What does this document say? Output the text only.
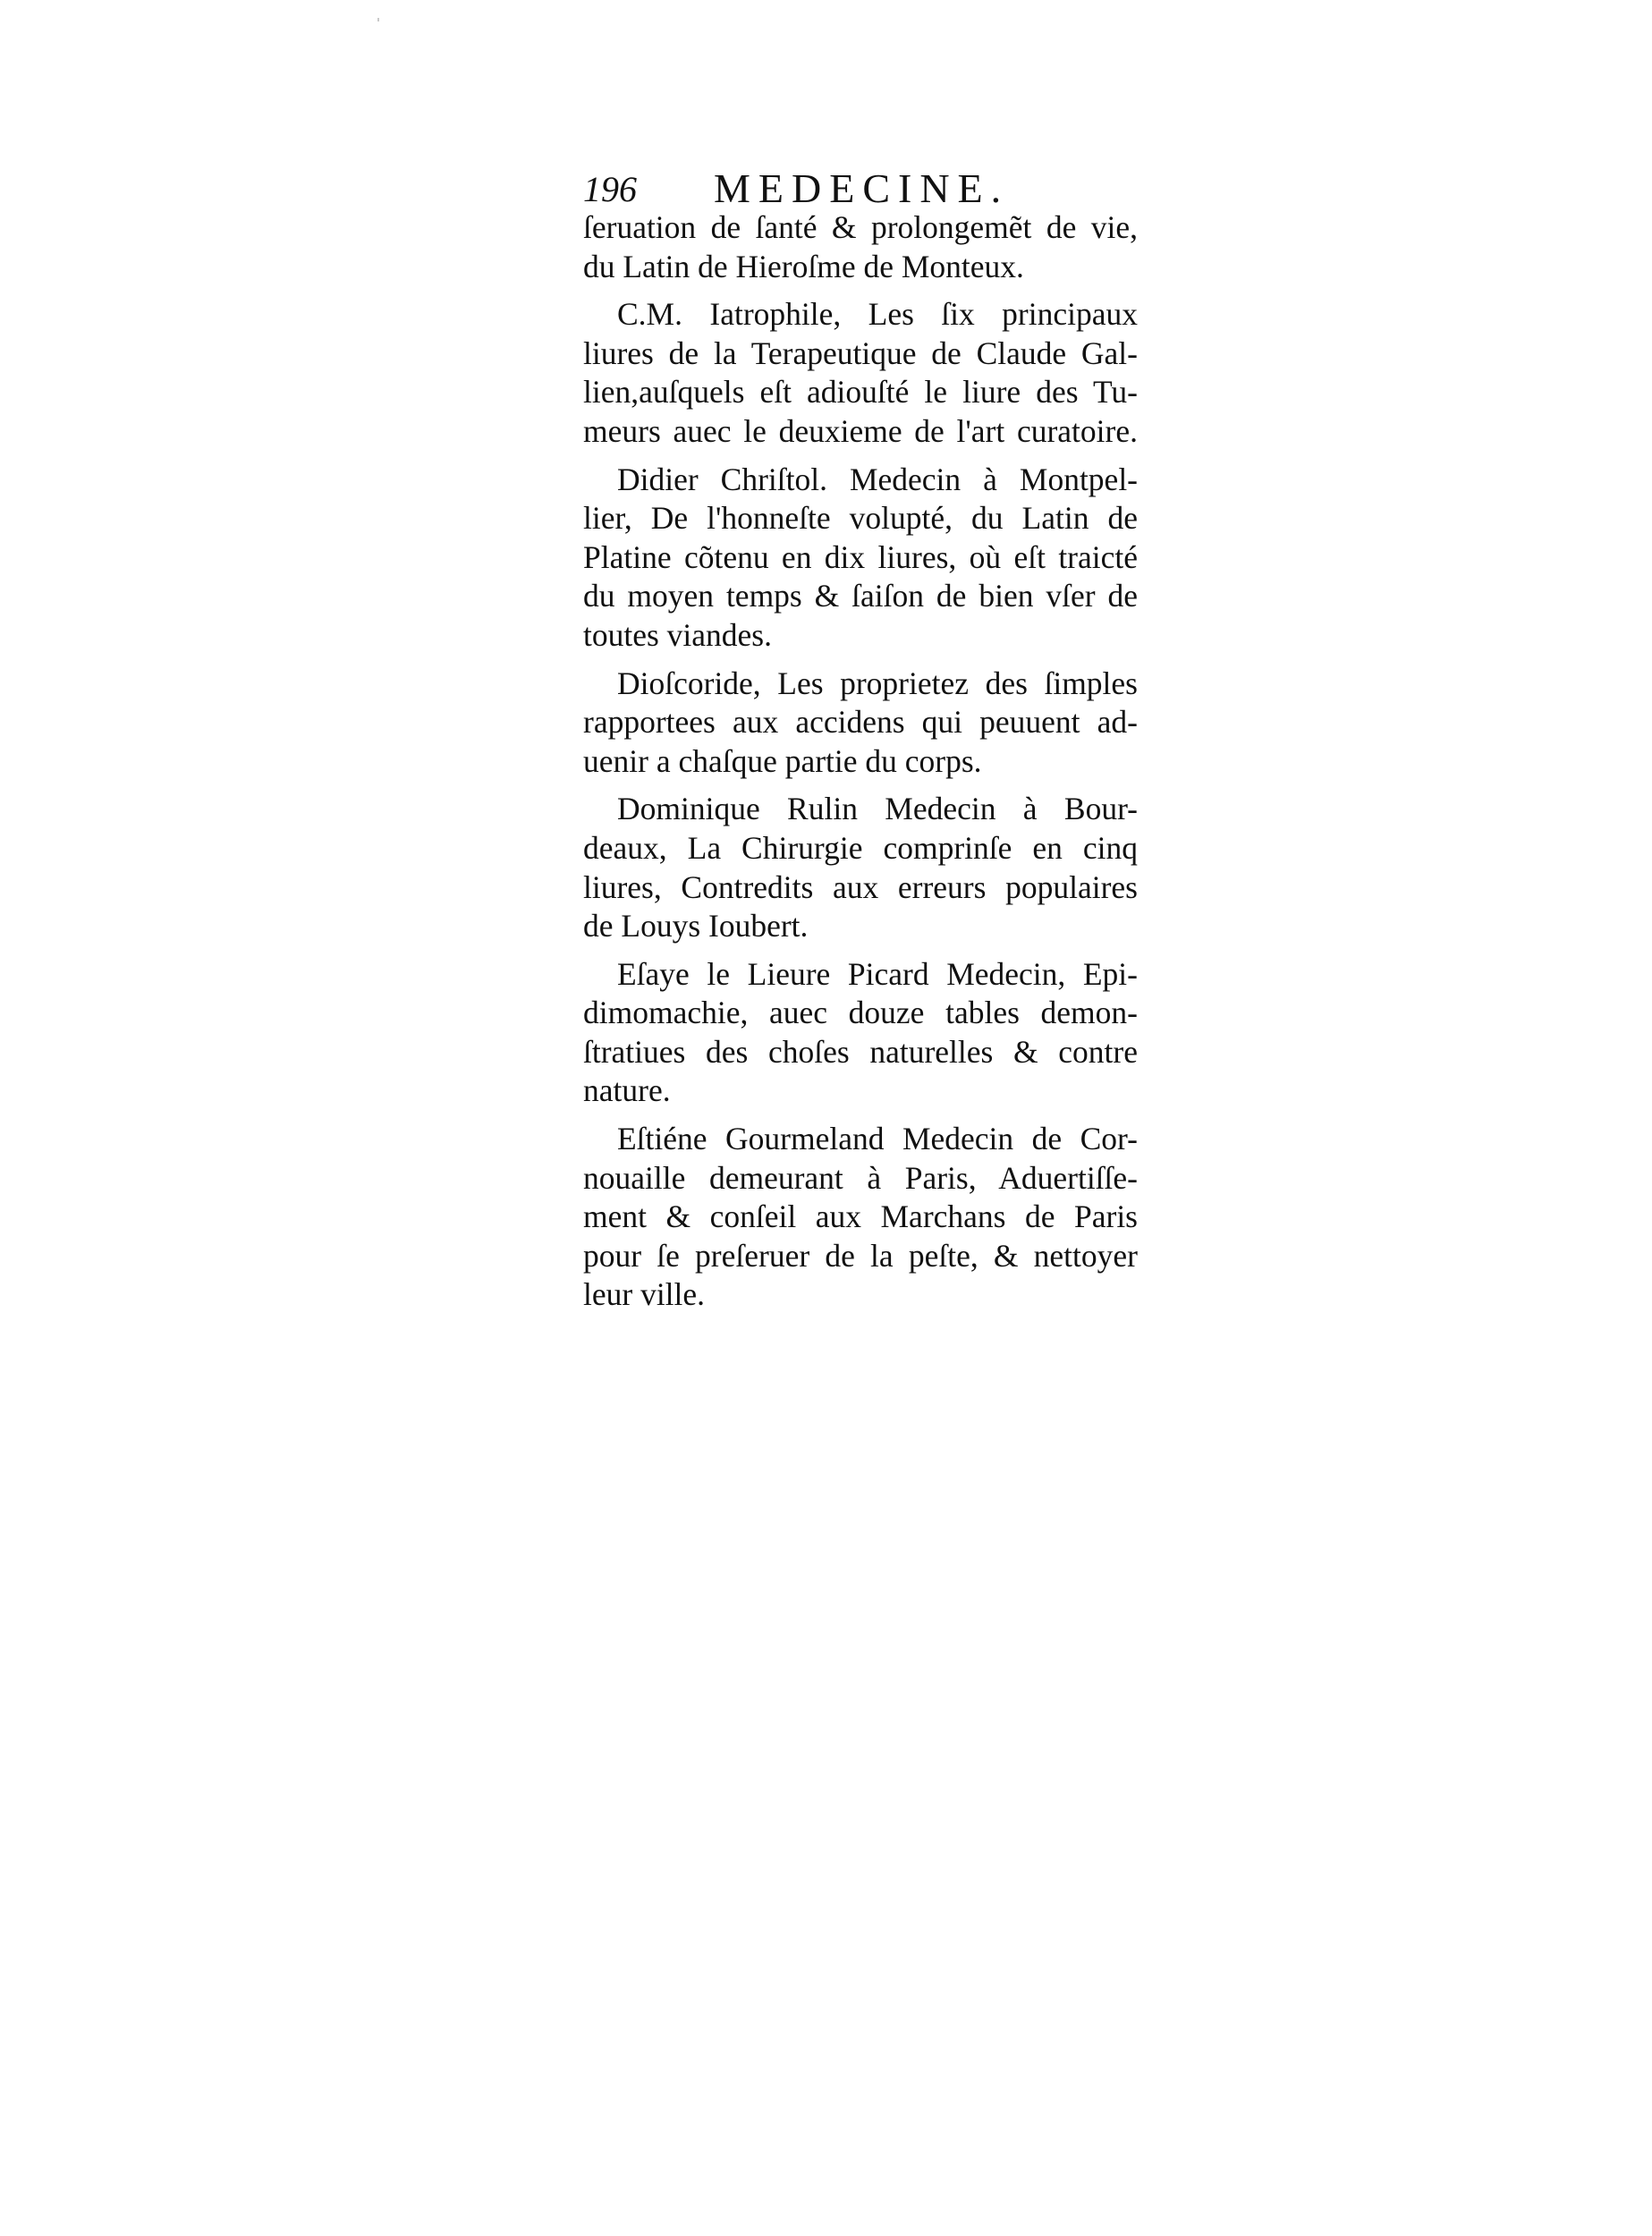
196 MEDECINE.
ſeruation de ſanté & prolongemẽt de vie,
du Latin de Hieroſme de Monteux.
C.M. Iatrophile, Les ſix principaux
liures de la Terapeutique de Claude Gal-
lien,auſquels eſt adiouſté le liure des Tu-
meurs auec le deuxieme de l'art curatoire.
Didier Chriſtol. Medecin à Montpel-
lier, De l'honneſte volupté, du Latin de
Platine cõtenu en dix liures, où eſt traicté
du moyen temps & ſaiſon de bien vſer de
toutes viandes.
Dioſcoride, Les proprietez des ſimples
rapportees aux accidens qui peuuent ad-
uenir a chaſque partie du corps.
Dominique Rulin Medecin à Bour-
deaux, La Chirurgie comprinſe en cinq
liures, Contredits aux erreurs populaires
de Louys Ioubert.
Eſaye le Lieure Picard Medecin, Epi-
dimomachie, auec douze tables demon-
ſtratiues des choſes naturelles & contre
nature.
Eſtiéne Gourmeland Medecin de Cor-
nouaille demeurant à Paris, Aduertiſſe-
ment & conſeil aux Marchans de Paris
pour ſe preſeruer de la peſte, & nettoyer
leur ville.
